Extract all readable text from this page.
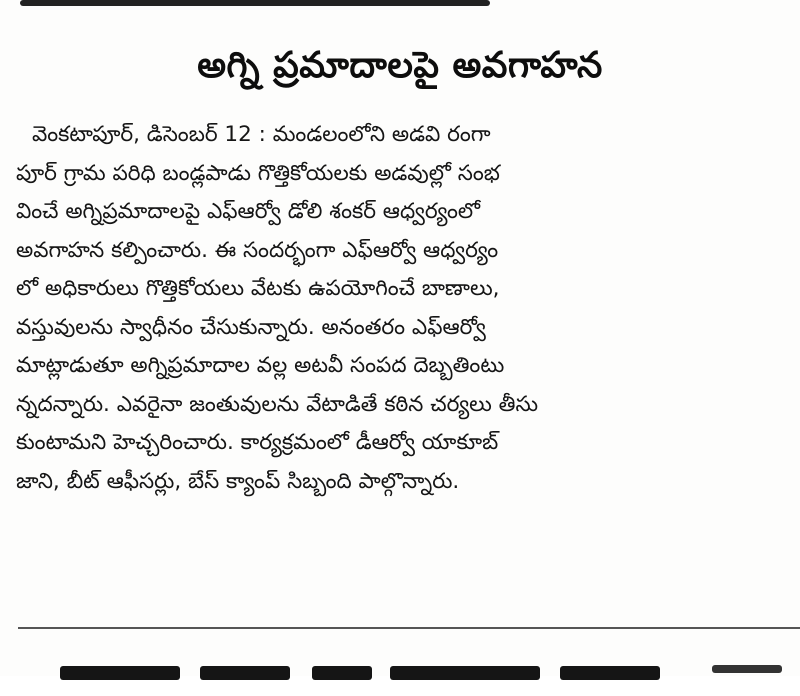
అగ్ని ప్రమాదాలపై అవగాహన
వెంకటాపూర్, డిసెంబర్ 12 : మండలంలోని అడవి రంగా
పూర్ గ్రామ పరిధి బండ్లపాడు గొత్తికోయలకు అడవుల్లో సంభ
వించే అగ్నిప్రమాదాలపై ఎఫ్ఆర్వో డోలి శంకర్ ఆధ్వర్యంలో
అవగాహన కల్పించారు. ఈ సందర్భంగా ఎఫ్ఆర్వో ఆధ్వర్యం
లో అధికారులు గొత్తికోయలు వేటకు ఉపయోగించే బాణాలు,
వస్తువులను స్వాధీనం చేసుకున్నారు. అనంతరం ఎఫ్ఆర్వో
మాట్లాడుతూ అగ్నిప్రమాదాల వల్ల అటవీ సంపద దెబ్బతింటు
న్నదన్నారు. ఎవరైనా జంతువులను వేటాడితే కఠిన చర్యలు తీసు
కుంటామని హెచ్చరించారు. కార్యక్రమంలో డీఆర్వో యాకూబ్
జాని, బీట్ ఆఫీసర్లు, బేస్ క్యాంప్ సిబ్బంది పాల్గొన్నారు.
